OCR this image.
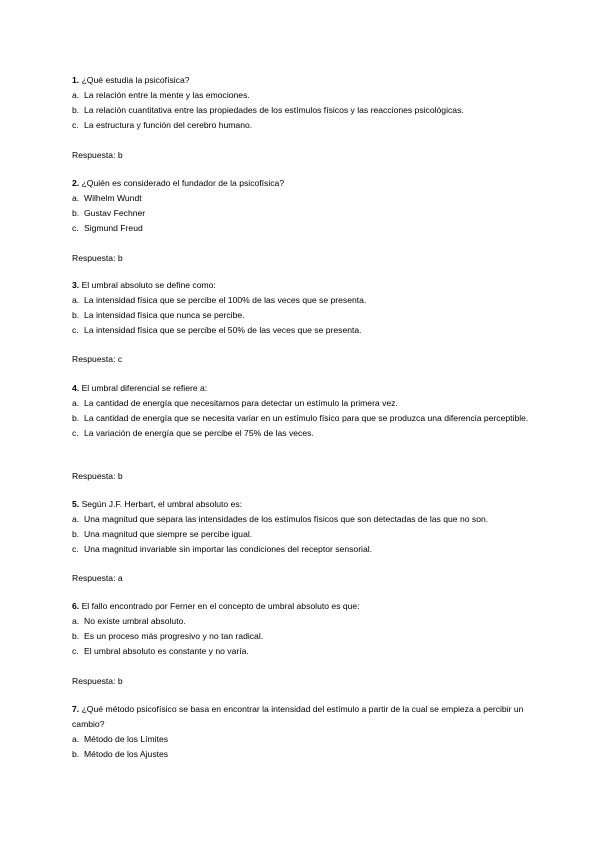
1. ¿Qué estudia la psicofísica?

a. La relación entre la mente y las emociones.

b. La relación cuantitativa entre las propiedades de los estímulos físicos y las reacciones psicológicas.

c. La estructura y función del cerebro humano.

Respuesta: b

2. ¿Quién es considerado el fundador de la psicofísica?

a. Wilhelm Wundt

b. Gustav Fechner

c. Sigmund Freud

Respuesta: b

3. El umbral absoluto se define como:

a. La intensidad física que se percibe el 100% de las veces que se presenta.

b. La intensidad física que nunca se percibe.

c. La intensidad física que se percibe el 50% de las veces que se presenta.

Respuesta: c

4. El umbral diferencial se refiere a:

a. La cantidad de energía que necesitamos para detectar un estímulo la primera vez.

b. La cantidad de energía que se necesita variar en un estímulo físico para que se produzca una diferencia perceptible.

c. La variación de energía que se percibe el 75% de las veces.

Respuesta: b

5. Según J.F. Herbart, el umbral absoluto es:

a. Una magnitud que separa las intensidades de los estímulos físicos que son detectadas de las que no son.

b. Una magnitud que siempre se percibe igual.

c. Una magnitud invariable sin importar las condiciones del receptor sensorial.

Respuesta: a

6. El fallo encontrado por Ferner en el concepto de umbral absoluto es que:

a. No existe umbral absoluto.

b. Es un proceso más progresivo y no tan radical.

c. El umbral absoluto es constante y no varía.

Respuesta: b

7. ¿Qué método psicofísico se basa en encontrar la intensidad del estímulo a partir de la cual se empieza a percibir un cambio?

a. Método de los Límites

b. Método de los Ajustes
